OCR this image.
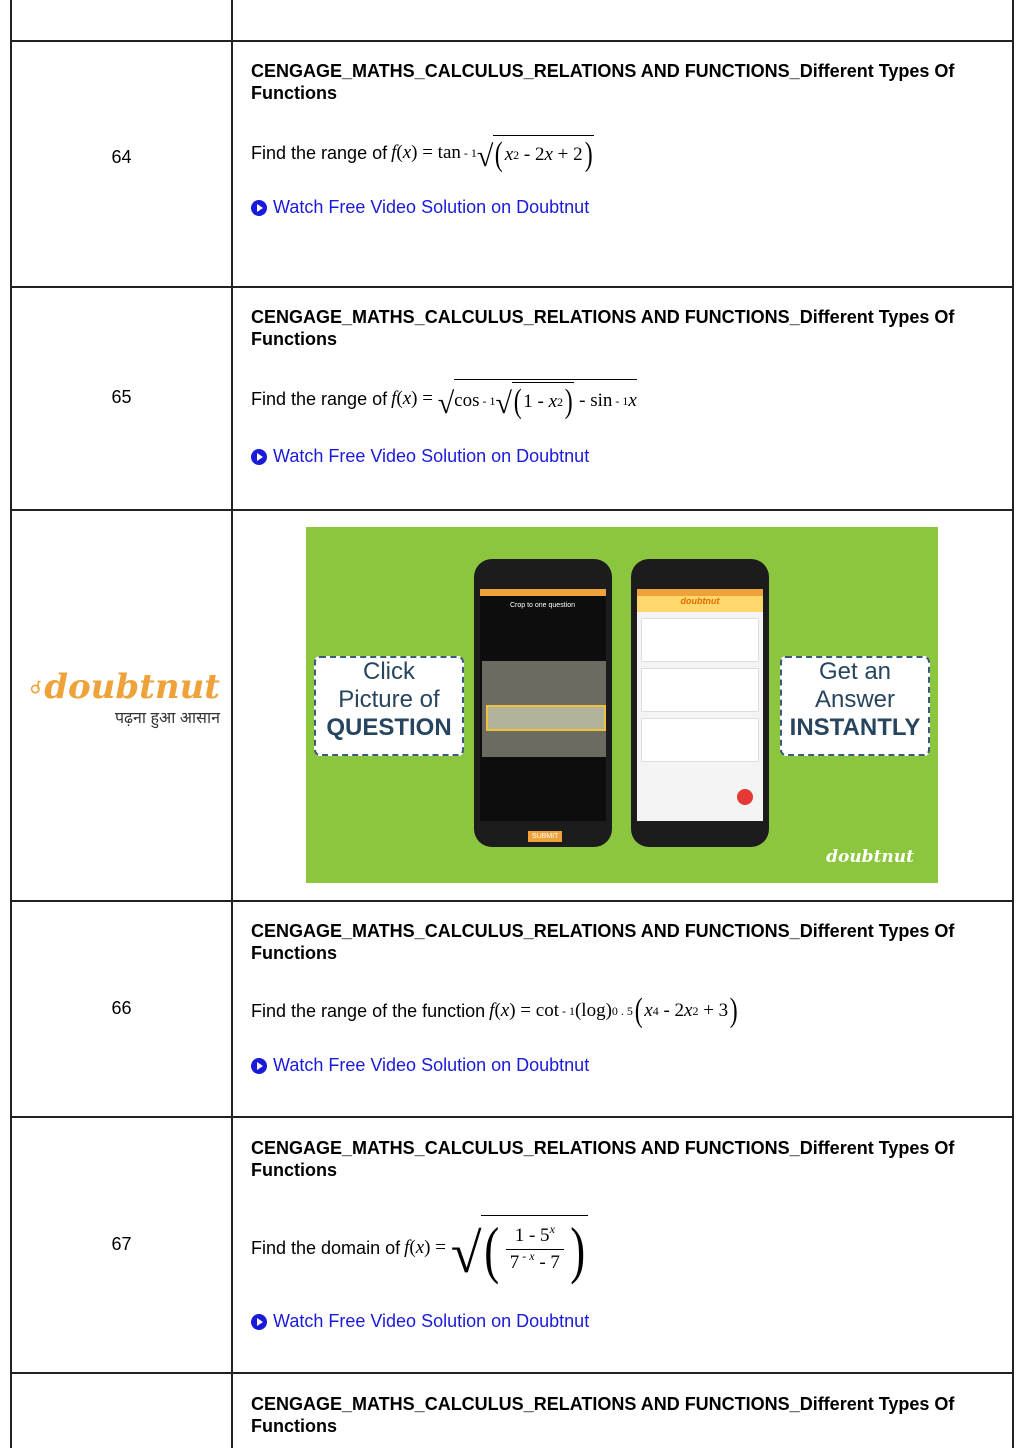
64
CENGAGE_MATHS_CALCULUS_RELATIONS AND FUNCTIONS_Different Types Of Functions
Find the range of f ( x ) = tan - 1 √ ( x 2 - 2 x + 2 )
Watch Free Video Solution on Doubtnut
65
CENGAGE_MATHS_CALCULUS_RELATIONS AND FUNCTIONS_Different Types Of Functions
Find the range of f ( x ) = √ cos - 1 √ ( 1 - x 2 ) - sin - 1 x
Watch Free Video Solution on Doubtnut
doubtnut
पढ़ना हुआ आसान
Click
Picture of
QUESTION
Get an
Answer
INSTANTLY
Crop to one question
SUBMIT
doubtnut
doubtnut
66
CENGAGE_MATHS_CALCULUS_RELATIONS AND FUNCTIONS_Different Types Of Functions
Find the range of the function f ( x ) = cot - 1 (log) 0 . 5 ( x 4 - 2 x 2 + 3 )
Watch Free Video Solution on Doubtnut
67
CENGAGE_MATHS_CALCULUS_RELATIONS AND FUNCTIONS_Different Types Of Functions
Find the domain of f ( x ) = √ ( $\frac{1 - 5^x}{7 ^{- x} - 7}$ )
Watch Free Video Solution on Doubtnut
CENGAGE_MATHS_CALCULUS_RELATIONS AND FUNCTIONS_Different Types Of Functions
